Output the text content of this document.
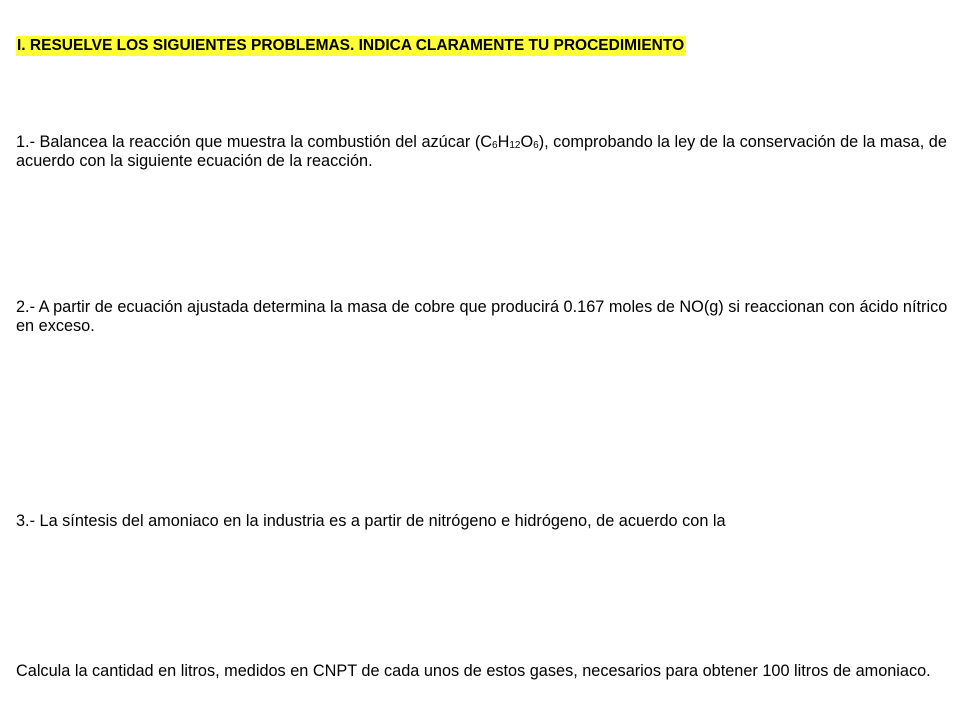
I. RESUELVE LOS SIGUIENTES PROBLEMAS. INDICA CLARAMENTE TU PROCEDIMIENTO
1.- Balancea la reacción que muestra la combustión del azúcar $(C_6H_{12}O_6)$, comprobando la ley de la conservación de la masa, de acuerdo con la siguiente ecuación de la reacción.
2.- A partir de ecuación ajustada determina la masa de cobre que producirá 0.167 moles de NO(g) si reaccionan con ácido nítrico en exceso.
3.- La síntesis del amoniaco en la industria es a partir de nitrógeno e hidrógeno, de acuerdo con la
Calcula la cantidad en litros, medidos en CNPT de cada unos de estos gases, necesarios para obtener 100 litros de amoniaco.
